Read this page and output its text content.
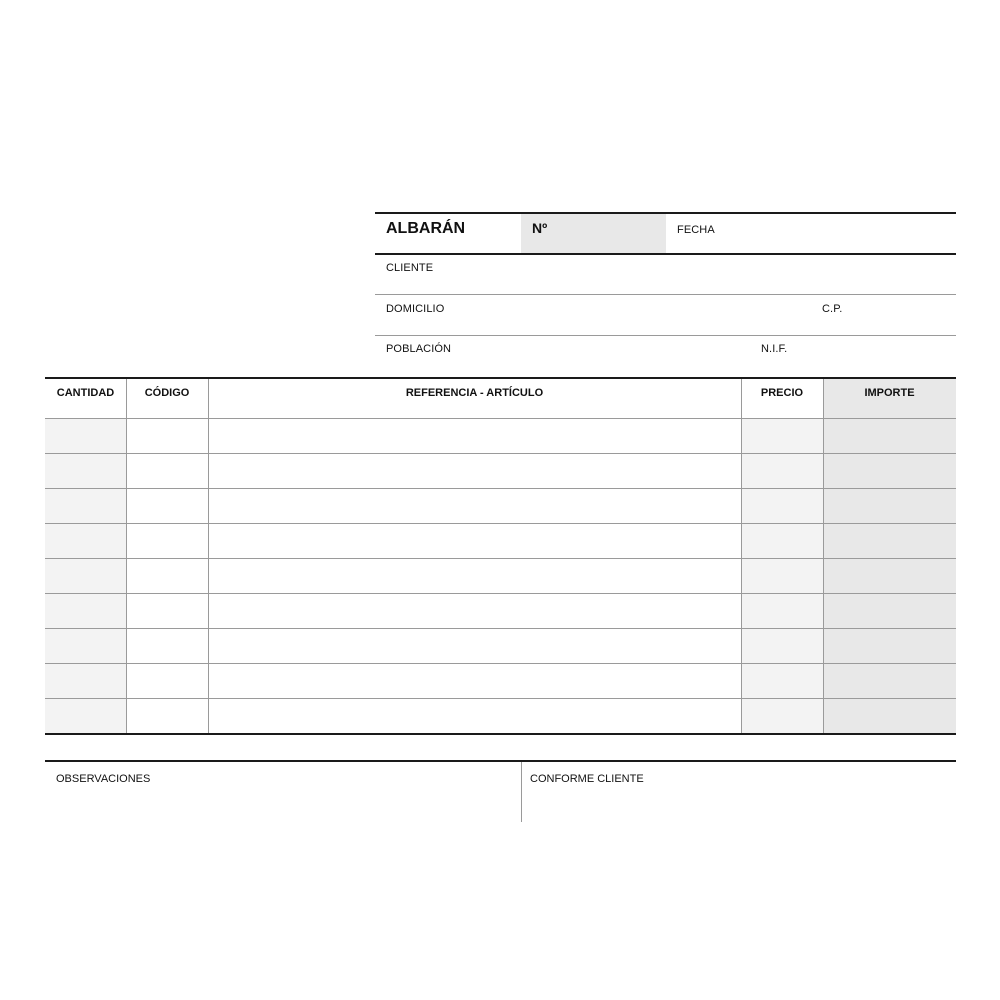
ALBARÁN	Nº	FECHA
CLIENTE
DOMICILIO	C.P.
POBLACIÓN	N.I.F.
CANTIDAD	CÓDIGO	REFERENCIA - ARTÍCULO	PRECIO	IMPORTE
OBSERVACIONES	CONFORME CLIENTE
